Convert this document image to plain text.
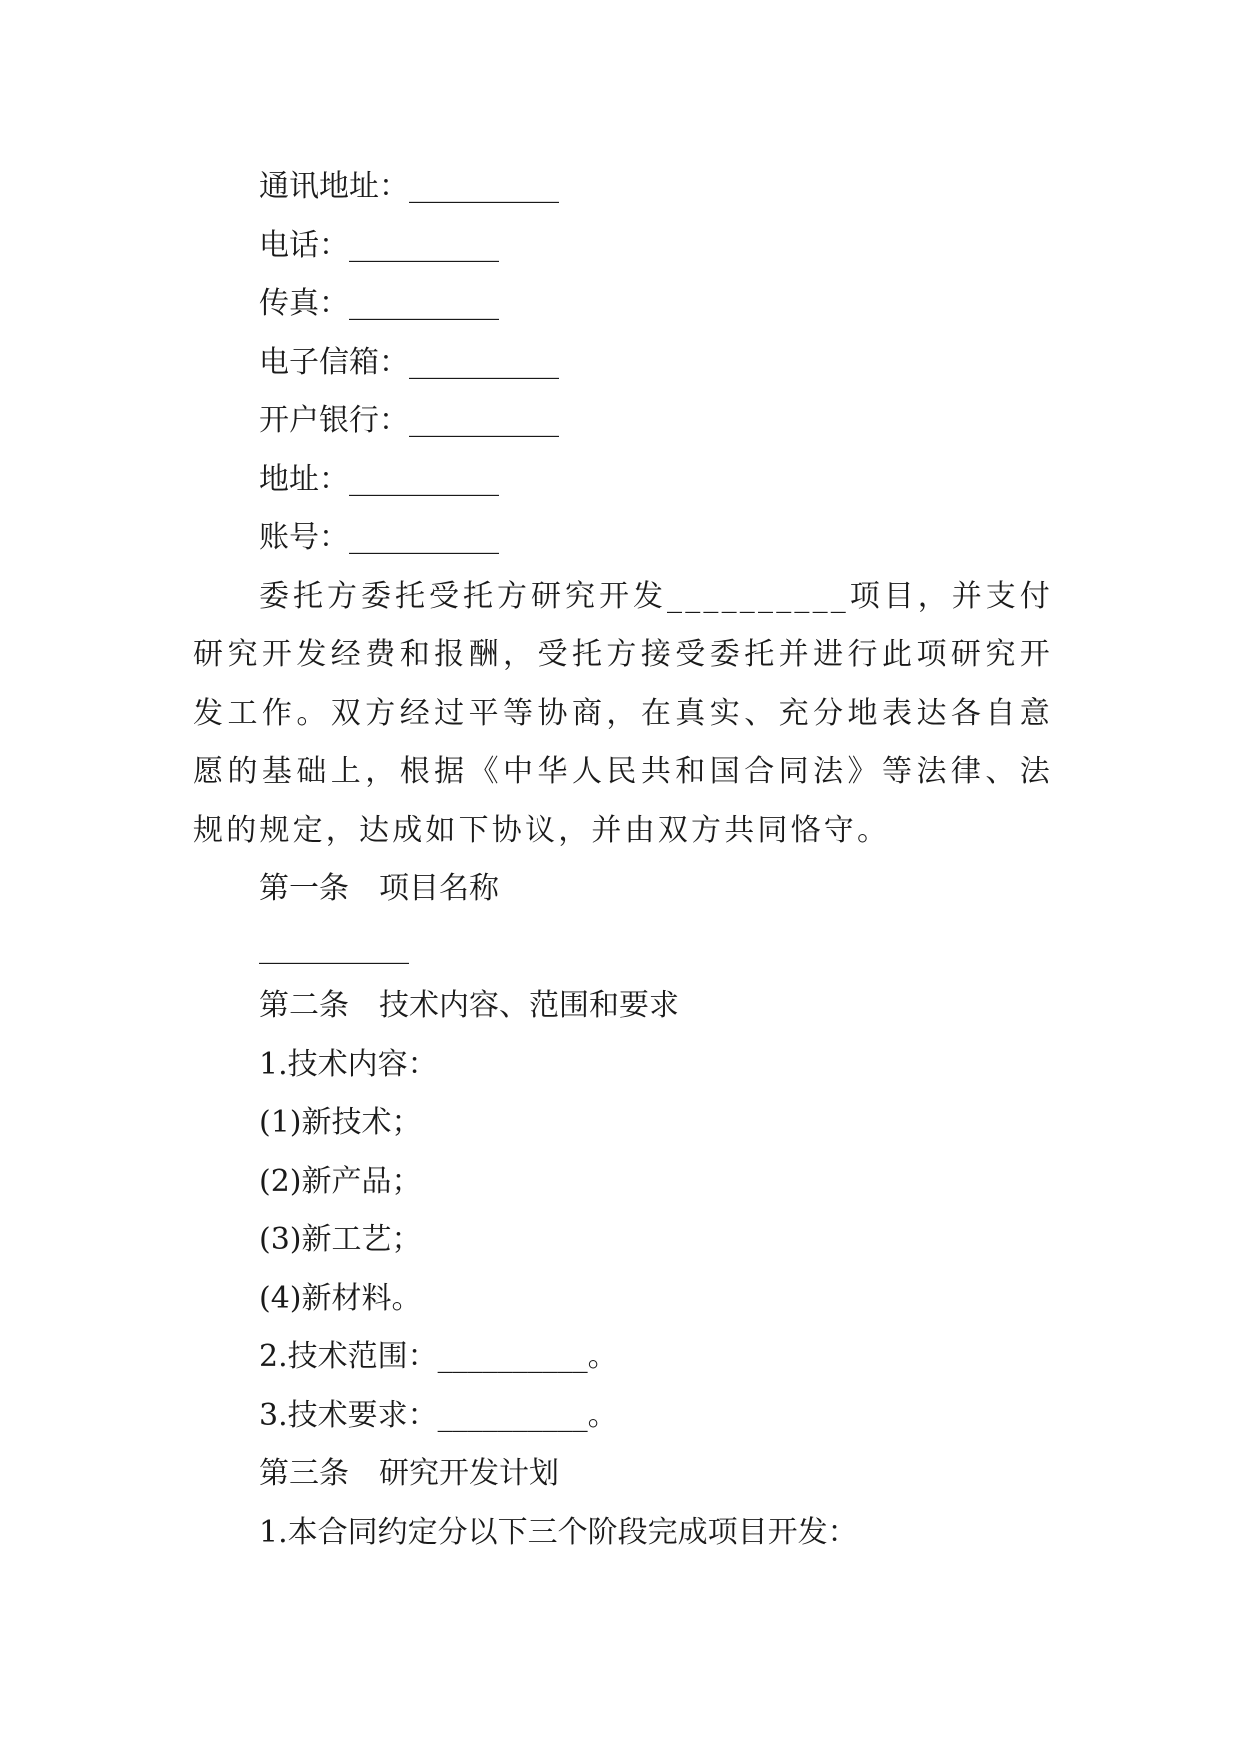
通讯地址：__________
电话：__________
传真：__________
电子信箱：__________
开户银行：__________
地址：__________
账号：__________
委托方委托受托方研究开发__________项目，并支付研究开发经费和报酬，受托方接受委托并进行此项研究开发工作。双方经过平等协商，在真实、充分地表达各自意愿的基础上，根据《中华人民共和国合同法》等法律、法规的规定，达成如下协议，并由双方共同恪守。
第一条　项目名称
__________
第二条　技术内容、范围和要求
1.技术内容：
(1)新技术；
(2)新产品；
(3)新工艺；
(4)新材料。
2.技术范围：__________。
3.技术要求：__________。
第三条　研究开发计划
1.本合同约定分以下三个阶段完成项目开发：
